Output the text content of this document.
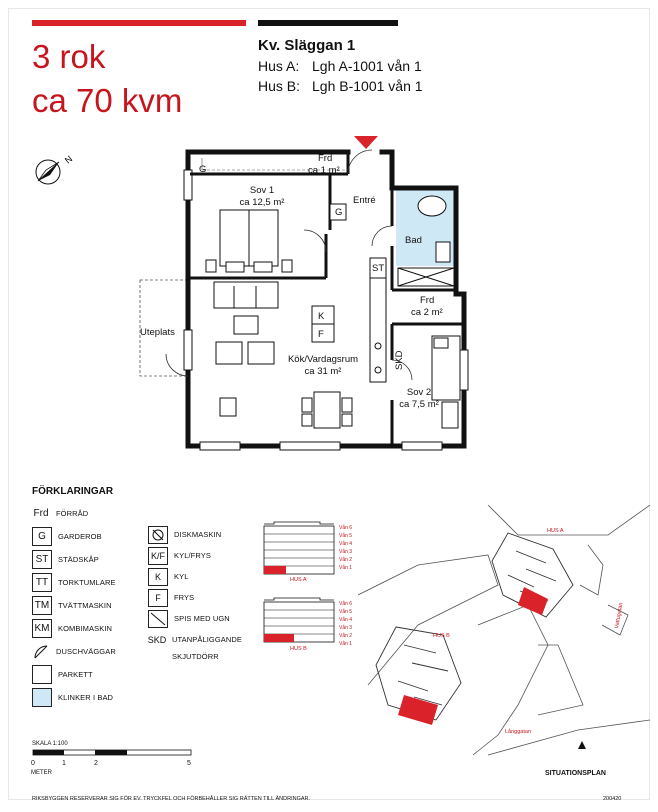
3 rok
ca 70 kvm
Kv. Släggan 1
Hus A: Lgh A-1001 vån 1
Hus B: Lgh B-1001 vån 1
N	Frd
ca 1 m²
G
Sov 1
ca 12,5 m²
G
Entré
Bad
ST
Frd
ca 2 m²
K
F
Uteplats
Kök/Vardagsrum
ca 31 m²
SKD
Sov 2
ca 7,5 m²
FÖRKLARINGAR
Frd FÖRRÅD
G GARDEROB
ST STÄDSKÅP
TT TORKTUMLARE
TM TVÄTTMASKIN
KM KOMBIMASKIN
DUSCHVÄGGAR
PARKETT
KLINKER I BAD
DISKMASKIN
K/F KYL/FRYS
K KYL
F FRYS
SPIS MED UGN
SKD UTANPÅLIGGANDE
SKJUTDÖRR
Vån 6
Vån 5
Vån 4
Vån 3
Vån 2
Vån 1
Vån 6
Vån 5
Vån 4
Vån 3
Vån 2
Vån 1
HUS A
HUS B
SKALA 1:100
0	1	2	5
METER
HUS A
HUS B
Vattugatan
Långgatan
SITUATIONSPLAN
RIKSBYGGEN RESERVERAR SIG FÖR EV. TRYCKFEL OCH FÖRBEHÅLLER SIG RÄTTEN TILL ÄNDRINGAR.	200420
